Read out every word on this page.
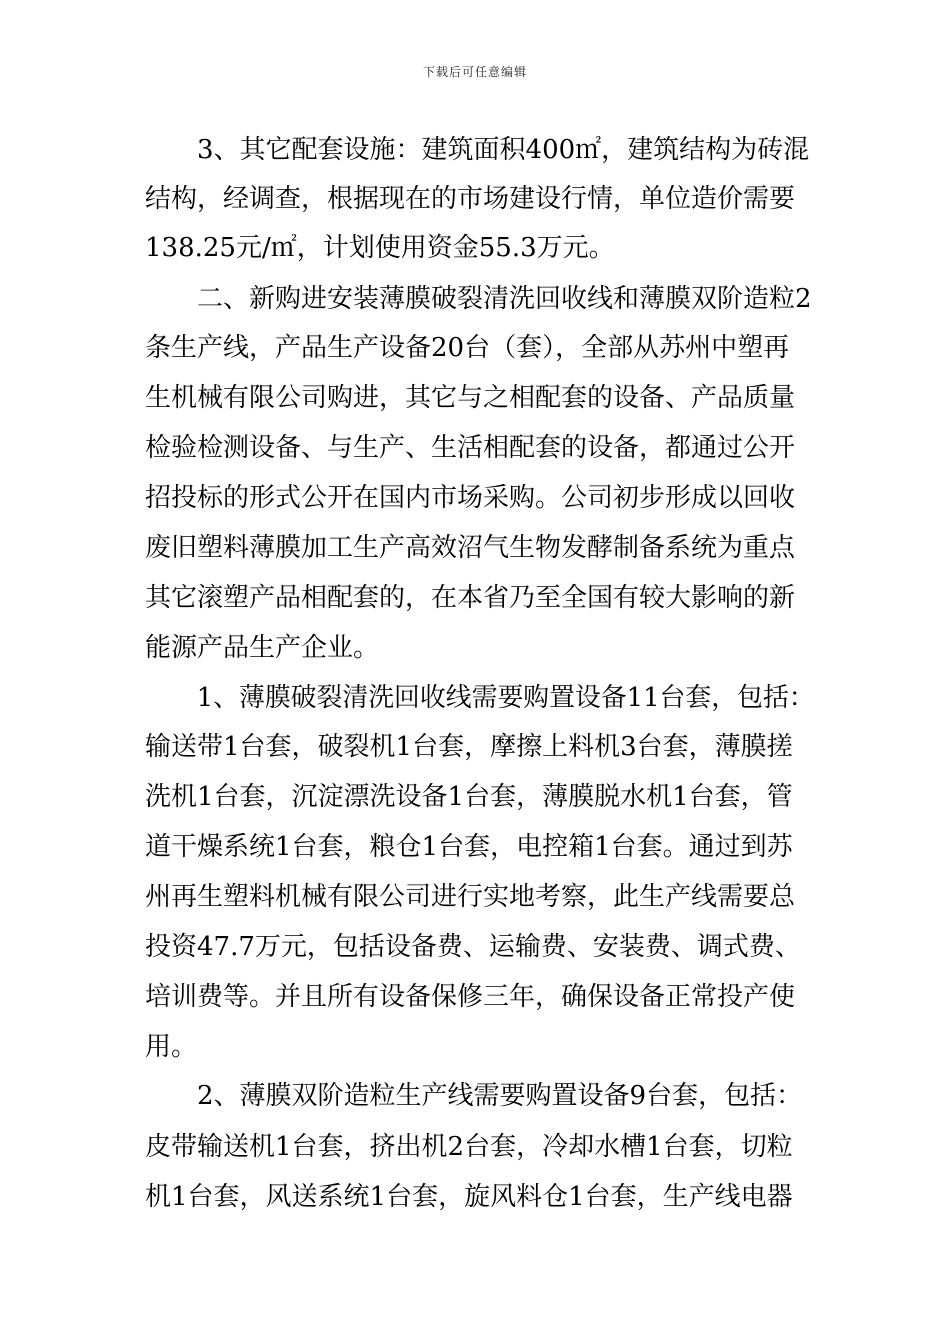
下载后可任意编辑
　　3、其它配套设施：建筑面积400㎡，建筑结构为砖混
结构，经调查，根据现在的市场建设行情，单位造价需要
138.25元/㎡，计划使用资金55.3万元。
　　二、新购进安装薄膜破裂清洗回收线和薄膜双阶造粒2
条生产线，产品生产设备20台（套），全部从苏州中塑再
生机械有限公司购进，其它与之相配套的设备、产品质量
检验检测设备、与生产、生活相配套的设备，都通过公开
招投标的形式公开在国内市场采购。公司初步形成以回收
废旧塑料薄膜加工生产高效沼气生物发酵制备系统为重点
其它滚塑产品相配套的，在本省乃至全国有较大影响的新
能源产品生产企业。
　　1、薄膜破裂清洗回收线需要购置设备11台套，包括：
输送带1台套，破裂机1台套，摩擦上料机3台套，薄膜搓
洗机1台套，沉淀漂洗设备1台套，薄膜脱水机1台套，管
道干燥系统1台套，粮仓1台套，电控箱1台套。通过到苏
州再生塑料机械有限公司进行实地考察，此生产线需要总
投资47.7万元，包括设备费、运输费、安装费、调式费、
培训费等。并且所有设备保修三年，确保设备正常投产使
用。
　　2、薄膜双阶造粒生产线需要购置设备9台套，包括：
皮带输送机1台套，挤出机2台套，冷却水槽1台套，切粒
机1台套，风送系统1台套，旋风料仓1台套，生产线电器
